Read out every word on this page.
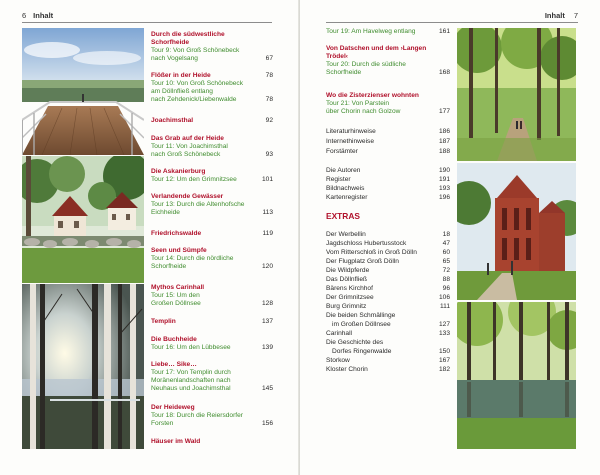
6 Inhalt
Durch die südwestliche
Schorfheide
Tour 9: Von Groß Schönebeck
nach Vogelsang	67
Flößer in der Heide	78
Tour 10: Von Groß Schönebeck
am Döllnfließ entlang
nach Zehdenick/Liebenwalde	78
Joachimsthal	92
Das Grab auf der Heide
Tour 11: Von Joachimsthal
nach Groß Schönebeck	93
Die Askanierburg
Tour 12: Um den Grimnitzsee	101
Verlandende Gewässer
Tour 13: Durch die Altenhofsche
Eichheide	113
Friedrichswalde	119
Seen und Sümpfe
Tour 14: Durch die nördliche
Schorfheide	120
Mythos Carinhall
Tour 15: Um den
Großen Döllnsee	128
Templin	137
Die Buchheide
Tour 16: Um den Lübbesee	139
Liebe… Sike…
Tour 17: Von Templin durch
Moränenlandschaften nach
Neuhaus und Joachimsthal	145
Der Heideweg
Tour 18: Durch die Reiersdorfer
Forsten	156
Häuser im Wald
Inhalt 7
Tour 19: Am Havelweg entlang	161
Von Datschen und dem ›Langen
Trödel‹
Tour 20: Durch die südliche
Schorfheide	168
Wo die Zisterzienser wohnten
Tour 21: Von Parstein
über Chorin nach Golzow	177
Literaturhinweise	186
Internethinweise	187
Forstämter	188
Die Autoren	190
Register	191
Bildnachweis	193
Kartenregister	196
EXTRAS
Der Werbellin	18
Jagdschloss Hubertusstock	47
Vom Ritterschloß in Groß Dölln	60
Der Flugplatz Groß Dölln	65
Die Wildpferde	72
Das Döllnfließ	88
Bärens Kirchhof	96
Der Grimnitzsee	106
Burg Grimnitz	111
Die beiden Schmällinge
im Großen Döllnsee	127
Carinhall	133
Die Geschichte des
Dorfes Ringenwalde	150
Storkow	167
Kloster Chorin	182
